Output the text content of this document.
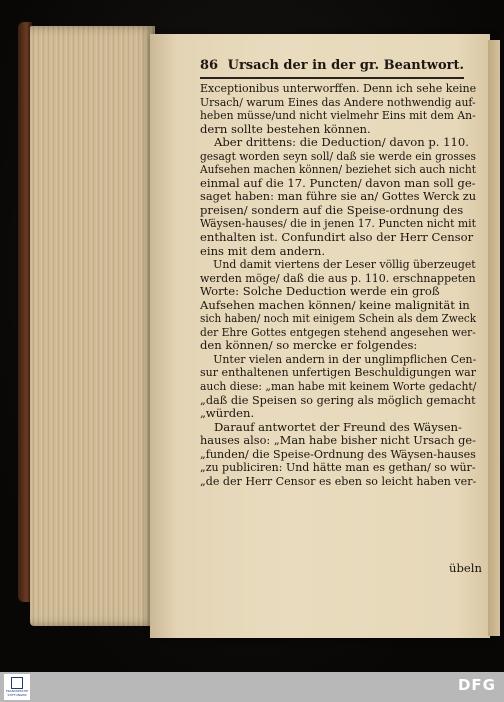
86 Ursach der in der gr. Beantwort.
Exceptionibus unterworffen. Denn ich sehe keine
Ursach/ warum Eines das Andere nothwendig auf-
heben müsse/und nicht vielmehr Eins mit dem An-
dern sollte bestehen können.
Aber drittens: die Deduction/ davon p. 110.
gesagt worden seyn soll/ daß sie werde ein grosses
Aufsehen machen können/ beziehet sich auch nicht
einmal auf die 17. Puncten/ davon man soll ge-
saget haben: man führe sie an/ Gottes Werck zu
preisen/ sondern auf die Speise-ordnung des
Wäysen-hauses/ die in jenen 17. Puncten nicht mit
enthalten ist. Confundirt also der Herr Censor
eins mit dem andern.
Und damit viertens der Leser völlig überzeuget
werden möge/ daß die aus p. 110. erschnappeten
Worte: Solche Deduction werde ein groß
Aufsehen machen können/ keine malignität in
sich haben/ noch mit einigem Schein als dem Zweck
der Ehre Gottes entgegen stehend angesehen wer-
den können/ so mercke er folgendes:
Unter vielen andern in der unglimpflichen Cen-
sur enthaltenen unfertigen Beschuldigungen war
auch diese: „man habe mit keinem Worte gedacht/
„daß die Speisen so gering als möglich gemacht
„würden.
Darauf antwortet der Freund des Wäysen-
hauses also: „Man habe bisher nicht Ursach ge-
„funden/ die Speise-Ordnung des Wäysen-hauses
„zu publiciren: Und hätte man es gethan/ so wür-
„de der Herr Censor es eben so leicht haben ver-
übeln
FRANCKESCHE
STIFTUNGEN
DFG
